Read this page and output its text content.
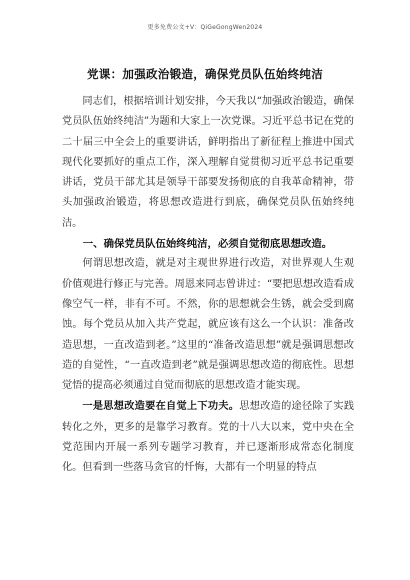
更多免费公文+V：QiGeGongWen2024
党课：加强政治锻造，确保党员队伍始终纯洁

同志们，根据培训计划安排，今天我以“加强政治锻造，确保党员队伍始终纯洁”为题和大家上一次党课。习近平总书记在党的二十届三中全会上的重要讲话，鲜明指出了新征程上推进中国式现代化要抓好的重点工作，深入理解自觉贯彻习近平总书记重要讲话，党员干部尤其是领导干部要发扬彻底的自我革命精神，带头加强政治锻造，将思想改造进行到底，确保党员队伍始终纯洁。

一、确保党员队伍始终纯洁，必须自觉彻底思想改造。

何谓思想改造，就是对主观世界进行改造，对世界观人生观价值观进行修正与完善。周恩来同志曾讲过：“要把思想改造看成像空气一样，非有不可。不然，你的思想就会生锈，就会受到腐蚀。每个党员从加入共产党起，就应该有这么一个认识：准备改造思想，一直改造到老。”这里的“准备改造思想”就是强调思想改造的自觉性，“一直改造到老”就是强调思想改造的彻底性。思想觉悟的提高必须通过自觉而彻底的思想改造才能实现。

一是思想改造要在自觉上下功夫。思想改造的途径除了实践转化之外，更多的是靠学习教育。党的十八大以来，党中央在全党范围内开展一系列专题学习教育，并已逐渐形成常态化制度化。但看到一些落马贪官的忏悔，大都有一个明显的特点
